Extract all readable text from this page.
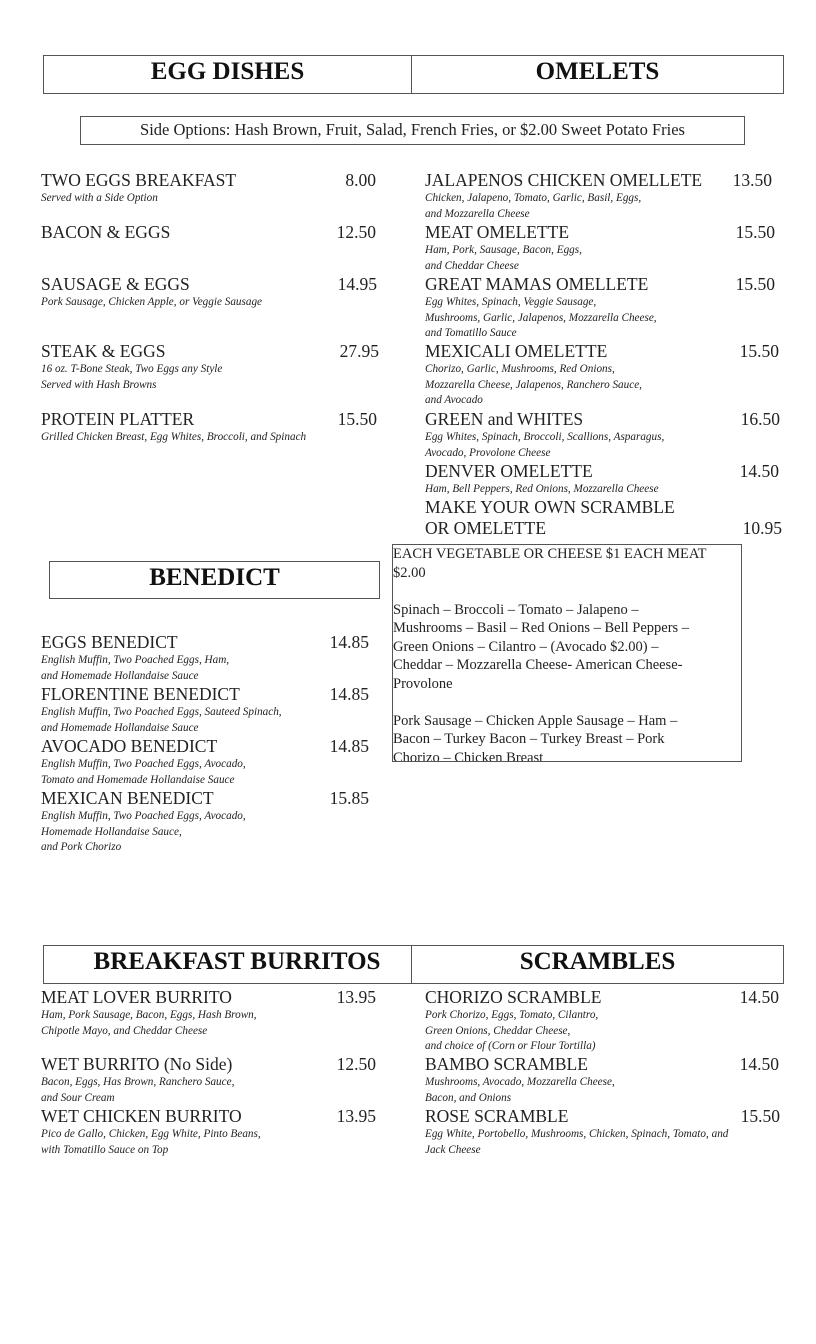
EGG DISHES	OMELETS
Side Options: Hash Brown, Fruit, Salad, French Fries, or $2.00 Sweet Potato Fries
TWO EGGS BREAKFAST	8.00
Served with a Side Option
BACON & EGGS	12.50
SAUSAGE & EGGS	14.95
Pork Sausage, Chicken Apple, or Veggie Sausage
STEAK & EGGS	27.95
16 oz. T-Bone Steak, Two Eggs any Style
Served with Hash Browns
PROTEIN PLATTER	15.50
Grilled Chicken Breast, Egg Whites, Broccoli, and Spinach
JALAPENOS CHICKEN OMELLETE 13.50
Chicken, Jalapeno, Tomato, Garlic, Basil, Eggs,
and Mozzarella Cheese
MEAT OMELETTE	15.50
Ham, Pork, Sausage, Bacon, Eggs,
and Cheddar Cheese
GREAT MAMAS OMELLETE	15.50
Egg Whites, Spinach, Veggie Sausage,
Mushrooms, Garlic, Jalapenos, Mozzarella Cheese,
and Tomatillo Sauce
MEXICALI OMELETTE	15.50
Chorizo, Garlic, Mushrooms, Red Onions,
Mozzarella Cheese, Jalapenos, Ranchero Sauce,
and Avocado
GREEN and WHITES	16.50
Egg Whites, Spinach, Broccoli, Scallions, Asparagus,
Avocado, Provolone Cheese
DENVER OMELETTE	14.50
Ham, Bell Peppers, Red Onions, Mozzarella Cheese
MAKE YOUR OWN SCRAMBLE
OR OMELETTE	10.95
EACH VEGETABLE OR CHEESE $1 EACH MEAT
$2.00
Spinach – Broccoli – Tomato – Jalapeno –
Mushrooms – Basil – Red Onions – Bell Peppers –
Green Onions – Cilantro – (Avocado $2.00) –
Cheddar – Mozzarella Cheese- American Cheese-
Provolone
Pork Sausage – Chicken Apple Sausage – Ham –
Bacon – Turkey Bacon – Turkey Breast – Pork
Chorizo – Chicken Breast
BENEDICT
EGGS BENEDICT	14.85
English Muffin, Two Poached Eggs, Ham,
and Homemade Hollandaise Sauce
FLORENTINE BENEDICT	14.85
English Muffin, Two Poached Eggs, Sauteed Spinach,
and Homemade Hollandaise Sauce
AVOCADO BENEDICT	14.85
English Muffin, Two Poached Eggs, Avocado,
Tomato and Homemade Hollandaise Sauce
MEXICAN BENEDICT	15.85
English Muffin, Two Poached Eggs, Avocado,
Homemade Hollandaise Sauce,
and Pork Chorizo
BREAKFAST BURRITOS	SCRAMBLES
MEAT LOVER BURRITO	13.95
Ham, Pork Sausage, Bacon, Eggs, Hash Brown,
Chipotle Mayo, and Cheddar Cheese
WET BURRITO (No Side)	12.50
Bacon, Eggs, Has Brown, Ranchero Sauce,
and Sour Cream
WET CHICKEN BURRITO	13.95
Pico de Gallo, Chicken, Egg White, Pinto Beans,
with Tomatillo Sauce on Top
CHORIZO SCRAMBLE	14.50
Pork Chorizo, Eggs, Tomato, Cilantro,
Green Onions, Cheddar Cheese,
and choice of (Corn or Flour Tortilla)
BAMBO SCRAMBLE	14.50
Mushrooms, Avocado, Mozzarella Cheese,
Bacon, and Onions
ROSE SCRAMBLE	15.50
Egg White, Portobello, Mushrooms, Chicken, Spinach, Tomato, and
Jack Cheese
